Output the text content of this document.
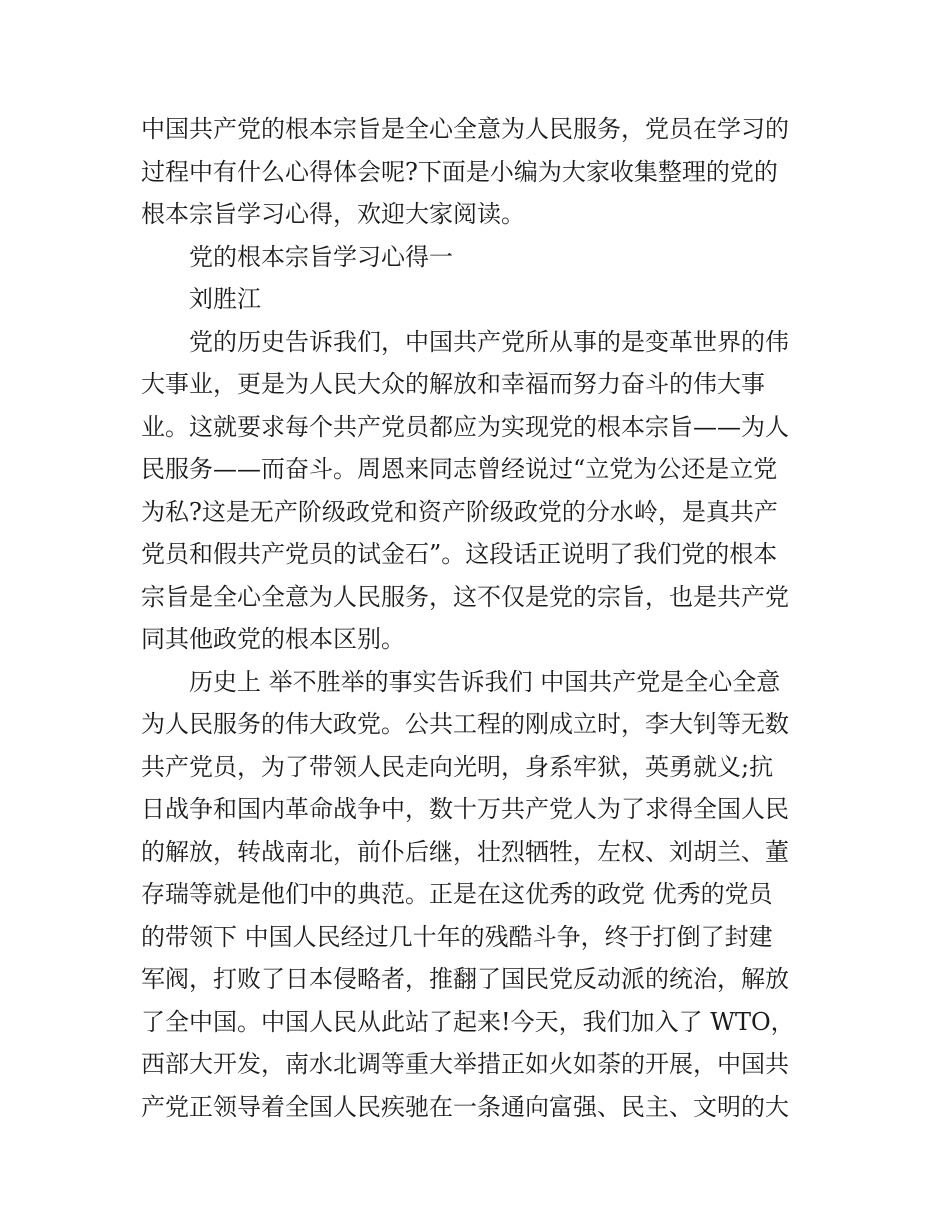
中国共产党的根本宗旨是全心全意为人民服务，党员在学习的
过程中有什么心得体会呢?下面是小编为大家收集整理的党的
根本宗旨学习心得，欢迎大家阅读。
党的根本宗旨学习心得一
刘胜江
党的历史告诉我们，中国共产党所从事的是变革世界的伟
大事业，更是为人民大众的解放和幸福而努力奋斗的伟大事
业。这就要求每个共产党员都应为实现党的根本宗旨——为人
民服务——而奋斗。周恩来同志曾经说过“立党为公还是立党
为私?这是无产阶级政党和资产阶级政党的分水岭，是真共产
党员和假共产党员的试金石”。这段话正说明了我们党的根本
宗旨是全心全意为人民服务，这不仅是党的宗旨，也是共产党
同其他政党的根本区别。
历史上 举不胜举的事实告诉我们 中国共产党是全心全意
为人民服务的伟大政党。公共工程的刚成立时，李大钊等无数
共产党员，为了带领人民走向光明，身系牢狱，英勇就义;抗
日战争和国内革命战争中，数十万共产党人为了求得全国人民
的解放，转战南北，前仆后继，壮烈牺牲，左权、刘胡兰、董
存瑞等就是他们中的典范。正是在这优秀的政党 优秀的党员
的带领下 中国人民经过几十年的残酷斗争，终于打倒了封建
军阀，打败了日本侵略者，推翻了国民党反动派的统治，解放
了全中国。中国人民从此站了起来!今天，我们加入了 WTO，
西部大开发，南水北调等重大举措正如火如荼的开展，中国共
产党正领导着全国人民疾驰在一条通向富强、民主、文明的大
